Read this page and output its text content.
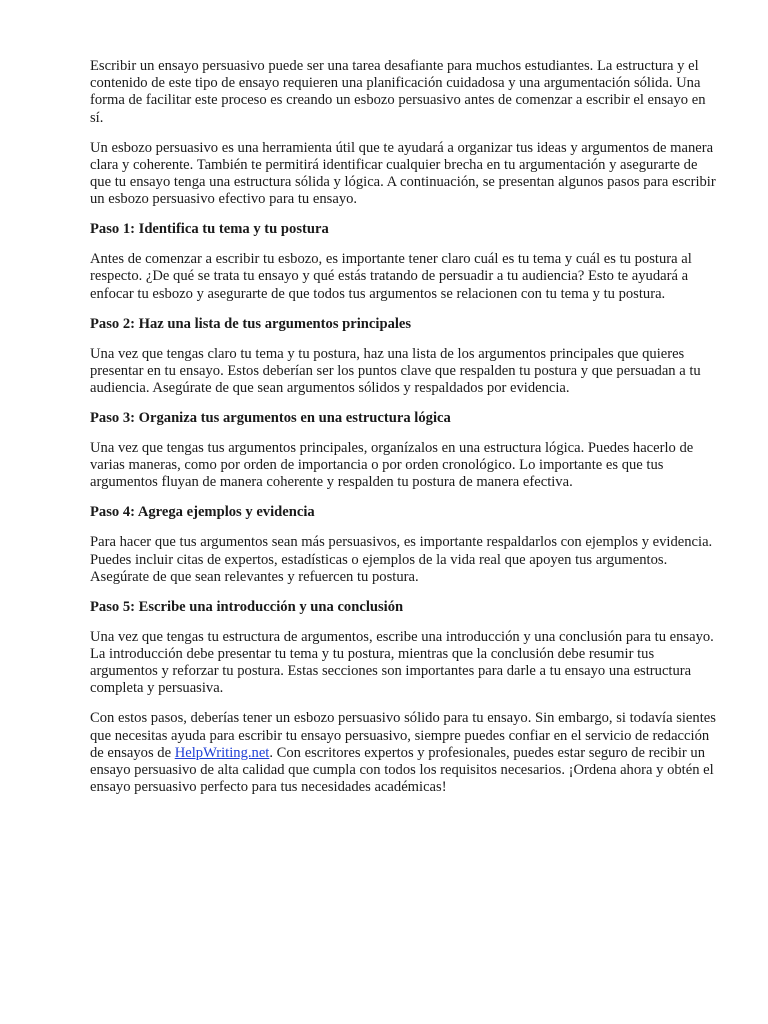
Escribir un ensayo persuasivo puede ser una tarea desafiante para muchos estudiantes. La estructura y el contenido de este tipo de ensayo requieren una planificación cuidadosa y una argumentación sólida. Una forma de facilitar este proceso es creando un esbozo persuasivo antes de comenzar a escribir el ensayo en sí.

Un esbozo persuasivo es una herramienta útil que te ayudará a organizar tus ideas y argumentos de manera clara y coherente. También te permitirá identificar cualquier brecha en tu argumentación y asegurarte de que tu ensayo tenga una estructura sólida y lógica. A continuación, se presentan algunos pasos para escribir un esbozo persuasivo efectivo para tu ensayo.

Paso 1: Identifica tu tema y tu postura

Antes de comenzar a escribir tu esbozo, es importante tener claro cuál es tu tema y cuál es tu postura al respecto. ¿De qué se trata tu ensayo y qué estás tratando de persuadir a tu audiencia? Esto te ayudará a enfocar tu esbozo y asegurarte de que todos tus argumentos se relacionen con tu tema y tu postura.

Paso 2: Haz una lista de tus argumentos principales

Una vez que tengas claro tu tema y tu postura, haz una lista de los argumentos principales que quieres presentar en tu ensayo. Estos deberían ser los puntos clave que respalden tu postura y que persuadan a tu audiencia. Asegúrate de que sean argumentos sólidos y respaldados por evidencia.

Paso 3: Organiza tus argumentos en una estructura lógica

Una vez que tengas tus argumentos principales, organízalos en una estructura lógica. Puedes hacerlo de varias maneras, como por orden de importancia o por orden cronológico. Lo importante es que tus argumentos fluyan de manera coherente y respalden tu postura de manera efectiva.

Paso 4: Agrega ejemplos y evidencia

Para hacer que tus argumentos sean más persuasivos, es importante respaldarlos con ejemplos y evidencia. Puedes incluir citas de expertos, estadísticas o ejemplos de la vida real que apoyen tus argumentos. Asegúrate de que sean relevantes y refuercen tu postura.

Paso 5: Escribe una introducción y una conclusión

Una vez que tengas tu estructura de argumentos, escribe una introducción y una conclusión para tu ensayo. La introducción debe presentar tu tema y tu postura, mientras que la conclusión debe resumir tus argumentos y reforzar tu postura. Estas secciones son importantes para darle a tu ensayo una estructura completa y persuasiva.

Con estos pasos, deberías tener un esbozo persuasivo sólido para tu ensayo. Sin embargo, si todavía sientes que necesitas ayuda para escribir tu ensayo persuasivo, siempre puedes confiar en el servicio de redacción de ensayos de HelpWriting.net. Con escritores expertos y profesionales, puedes estar seguro de recibir un ensayo persuasivo de alta calidad que cumpla con todos los requisitos necesarios. ¡Ordena ahora y obtén el ensayo persuasivo perfecto para tus necesidades académicas!
